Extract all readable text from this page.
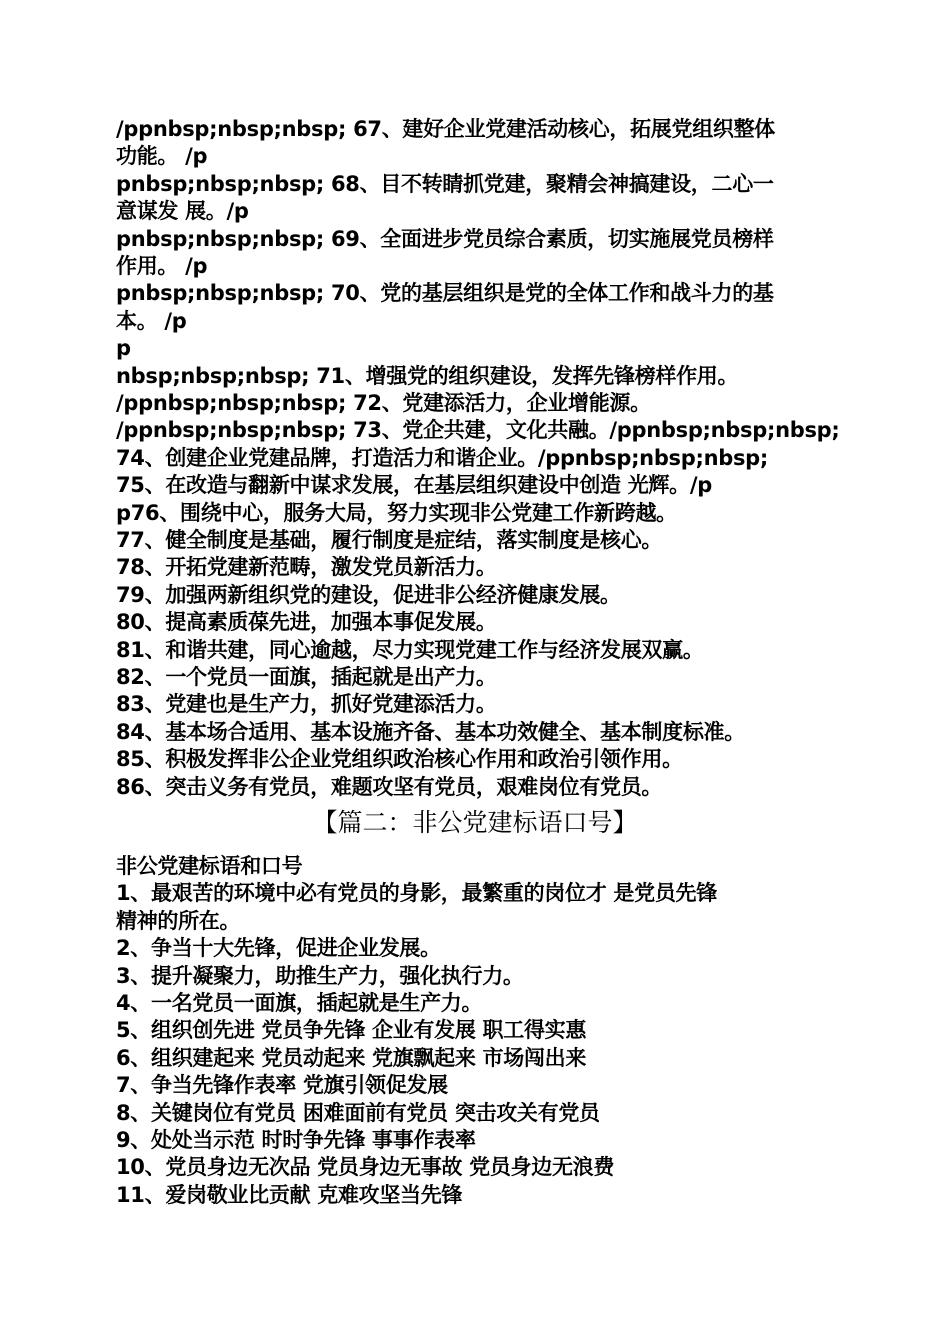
/ppnbsp;nbsp;nbsp; 67、建好企业党建活动核心，拓展党组织整体
功能。 /p
pnbsp;nbsp;nbsp; 68、目不转睛抓党建，聚精会神搞建设，二心一
意谋发 展。/p
pnbsp;nbsp;nbsp; 69、全面进步党员综合素质，切实施展党员榜样
作用。 /p
pnbsp;nbsp;nbsp; 70、党的基层组织是党的全体工作和战斗力的基
本。 /p
p
nbsp;nbsp;nbsp; 71、增强党的组织建设，发挥先锋榜样作用。
/ppnbsp;nbsp;nbsp; 72、党建添活力，企业增能源。
/ppnbsp;nbsp;nbsp; 73、党企共建，文化共融。/ppnbsp;nbsp;nbsp;
74、创建企业党建品牌，打造活力和谐企业。/ppnbsp;nbsp;nbsp;
75、在改造与翻新中谋求发展，在基层组织建设中创造 光辉。/p
p76、围绕中心，服务大局，努力实现非公党建工作新跨越。
77、健全制度是基础，履行制度是症结，落实制度是核心。
78、开拓党建新范畴，激发党员新活力。
79、加强两新组织党的建设，促进非公经济健康发展。
80、提高素质葆先进，加强本事促发展。
81、和谐共建，同心逾越，尽力实现党建工作与经济发展双赢。
82、一个党员一面旗，插起就是出产力。
83、党建也是生产力，抓好党建添活力。
84、基本场合适用、基本设施齐备、基本功效健全、基本制度标准。
85、积极发挥非公企业党组织政治核心作用和政治引领作用。
86、突击义务有党员，难题攻坚有党员，艰难岗位有党员。
【篇二：非公党建标语口号】
非公党建标语和口号
1、最艰苦的环境中必有党员的身影，最繁重的岗位才 是党员先锋
精神的所在。
2、争当十大先锋，促进企业发展。
3、提升凝聚力，助推生产力，强化执行力。
4、一名党员一面旗，插起就是生产力。
5、组织创先进 党员争先锋 企业有发展 职工得实惠
6、组织建起来 党员动起来 党旗飘起来 市场闯出来
7、争当先锋作表率 党旗引领促发展
8、关键岗位有党员 困难面前有党员 突击攻关有党员
9、处处当示范 时时争先锋 事事作表率
10、党员身边无次品 党员身边无事故 党员身边无浪费
11、爱岗敬业比贡献 克难攻坚当先锋
